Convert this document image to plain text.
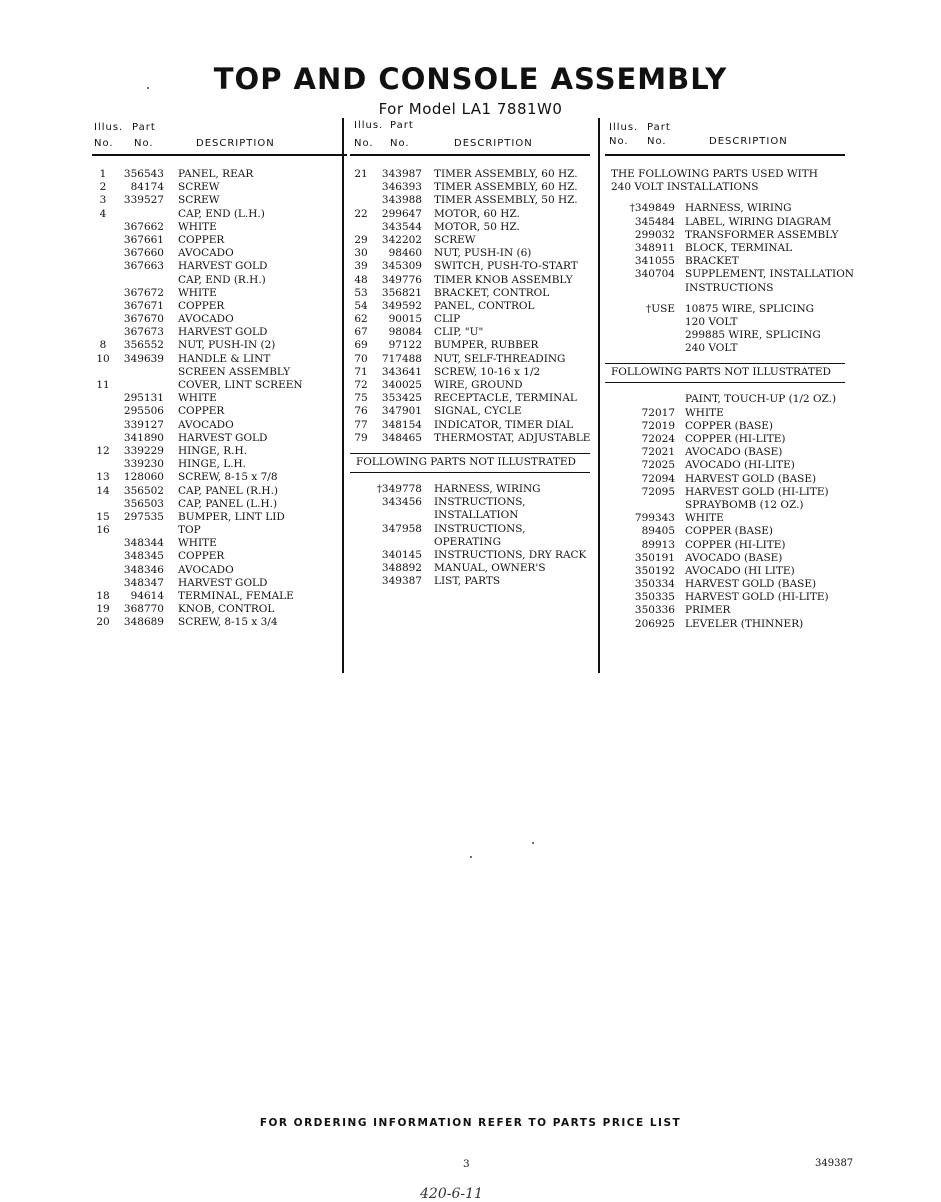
TOP AND CONSOLE ASSEMBLY
For Model LA1 7881W0
Illus. Part
No. No.	DESCRIPTION
1	356543 PANEL, REAR
2	84174 SCREW
3	339527 SCREW
4	CAP, END (L.H.)
367662 WHITE
367661 COPPER
367660 AVOCADO
367663 HARVEST GOLD
CAP, END (R.H.)
367672 WHITE
367671 COPPER
367670 AVOCADO
367673 HARVEST GOLD
8	356552 NUT, PUSH-IN (2)
10	349639 HANDLE & LINT
SCREEN ASSEMBLY
11	COVER, LINT SCREEN
295131 WHITE
295506 COPPER
339127 AVOCADO
341890 HARVEST GOLD
12	339229 HINGE, R.H.
339230 HINGE, L.H.
13	128060 SCREW, 8-15 x 7/8
14	356502 CAP, PANEL (R.H.)
356503 CAP, PANEL (L.H.)
15	297535 BUMPER, LINT LID
16	TOP
348344 WHITE
348345 COPPER
348346 AVOCADO
348347 HARVEST GOLD
18	94614 TERMINAL, FEMALE
19	368770 KNOB, CONTROL
20	348689 SCREW, 8-15 x 3/4
Illus. Part
No. No.	DESCRIPTION
21	343987 TIMER ASSEMBLY, 60 HZ.
346393 TIMER ASSEMBLY, 60 HZ.
343988 TIMER ASSEMBLY, 50 HZ.
22	299647 MOTOR, 60 HZ.
343544 MOTOR, 50 HZ.
29	342202 SCREW
30	98460 NUT, PUSH-IN (6)
39	345309 SWITCH, PUSH-TO-START
48	349776 TIMER KNOB ASSEMBLY
53	356821 BRACKET, CONTROL
54	349592 PANEL, CONTROL
62	90015 CLIP
67	98084 CLIP, "U"
69	97122 BUMPER, RUBBER
70	717488 NUT, SELF-THREADING
71	343641 SCREW, 10-16 x 1/2
72	340025 WIRE, GROUND
75	353425 RECEPTACLE, TERMINAL
76	347901 SIGNAL, CYCLE
77	348154 INDICATOR, TIMER DIAL
79	348465 THERMOSTAT, ADJUSTABLE
FOLLOWING PARTS NOT ILLUSTRATED
†349778 HARNESS, WIRING
343456 INSTRUCTIONS,
INSTALLATION
347958 INSTRUCTIONS,
OPERATING
340145 INSTRUCTIONS, DRY RACK
348892 MANUAL, OWNER'S
349387 LIST, PARTS
Illus. Part
No. No.	DESCRIPTION
THE FOLLOWING PARTS USED WITH
240 VOLT INSTALLATIONS
†349849 HARNESS, WIRING
345484 LABEL, WIRING DIAGRAM
299032 TRANSFORMER ASSEMBLY
348911 BLOCK, TERMINAL
341055 BRACKET
340704 SUPPLEMENT, INSTALLATION
INSTRUCTIONS
†USE 10875 WIRE, SPLICING
120 VOLT
299885 WIRE, SPLICING
240 VOLT
FOLLOWING PARTS NOT ILLUSTRATED
PAINT, TOUCH-UP (1/2 OZ.)
72017 WHITE
72019 COPPER (BASE)
72024 COPPER (HI-LITE)
72021 AVOCADO (BASE)
72025 AVOCADO (HI-LITE)
72094 HARVEST GOLD (BASE)
72095 HARVEST GOLD (HI-LITE)
SPRAYBOMB (12 OZ.)
799343 WHITE
89405 COPPER (BASE)
89913 COPPER (HI-LITE)
350191 AVOCADO (BASE)
350192 AVOCADO (HI LITE)
350334 HARVEST GOLD (BASE)
350335 HARVEST GOLD (HI-LITE)
350336 PRIMER
206925 LEVELER (THINNER)
FOR ORDERING INFORMATION REFER TO PARTS PRICE LIST
3	349387
420-6-11
